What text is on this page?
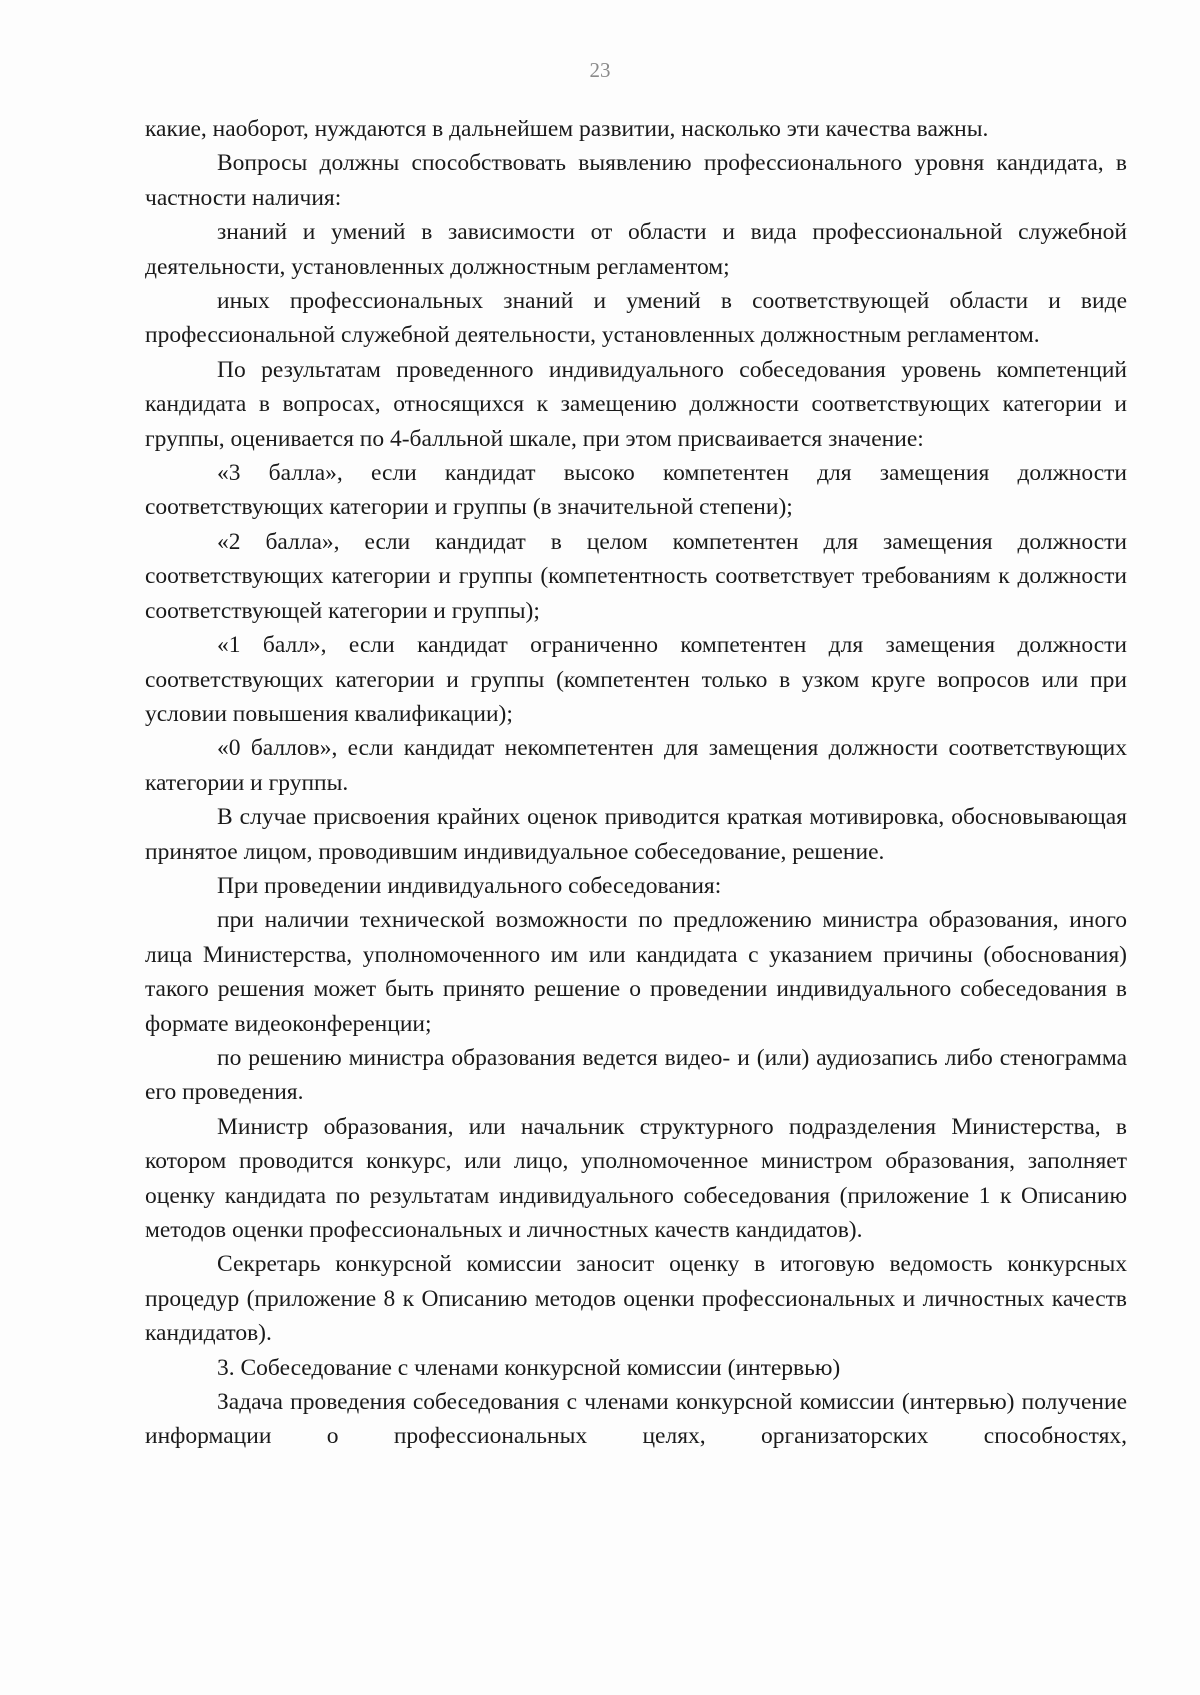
23

какие, наоборот, нуждаются в дальнейшем развитии, насколько эти качества важны.

Вопросы должны способствовать выявлению профессионального уровня кандидата, в частности наличия:

знаний и умений в зависимости от области и вида профессиональной служебной деятельности, установленных должностным регламентом;

иных профессиональных знаний и умений в соответствующей области и виде профессиональной служебной деятельности, установленных должностным регламентом.

По результатам проведенного индивидуального собеседования уровень компетенций кандидата в вопросах, относящихся к замещению должности соответствующих категории и группы, оценивается по 4-балльной шкале, при этом присваивается значение:

«3 балла», если кандидат высоко компетентен для замещения должности соответствующих категории и группы (в значительной степени);

«2 балла», если кандидат в целом компетентен для замещения должности соответствующих категории и группы (компетентность соответствует требованиям к должности соответствующей категории и группы);

«1 балл», если кандидат ограниченно компетентен для замещения должности соответствующих категории и группы (компетентен только в узком круге вопросов или при условии повышения квалификации);

«0 баллов», если кандидат некомпетентен для замещения должности соответствующих категории и группы.

В случае присвоения крайних оценок приводится краткая мотивировка, обосновывающая принятое лицом, проводившим индивидуальное собеседование, решение.

При проведении индивидуального собеседования:

при наличии технической возможности по предложению министра образования, иного лица Министерства, уполномоченного им или кандидата с указанием причины (обоснования) такого решения может быть принято решение о проведении индивидуального собеседования в формате видеоконференции;

по решению министра образования ведется видео- и (или) аудиозапись либо стенограмма его проведения.

Министр образования, или начальник структурного подразделения Министерства, в котором проводится конкурс, или лицо, уполномоченное министром образования, заполняет оценку кандидата по результатам индивидуального собеседования (приложение 1 к Описанию методов оценки профессиональных и личностных качеств кандидатов).

Секретарь конкурсной комиссии заносит оценку в итоговую ведомость конкурсных процедур (приложение 8 к Описанию методов оценки профессиональных и личностных качеств кандидатов).

3. Собеседование с членами конкурсной комиссии (интервью)

Задача проведения собеседования с членами конкурсной комиссии (интервью) получение информации о профессиональных целях, организаторских способностях,
